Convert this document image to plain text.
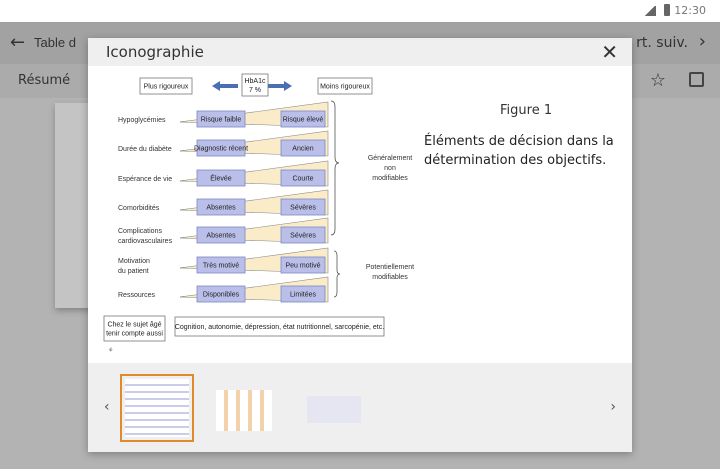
12:30
← Table d	rt. suiv. ›
Résumé	☆
Iconographie	✕
Plus rigoureux
HbA1c
7 %	Moins rigoureux
Hypoglycémies	Risque faible	Risque élevé
Durée du diabète	Diagnostic récent	Ancien
Espérance de vie	Élevée	Courte
Comorbidités	Absentes	Sévères
Complications
cardiovasculaires
Absentes	Sévères
Motivation
du patient
Très motivé	Peu motivé
Ressources	Disponibles	Limitées
Généralement
non
modifiables
Potentiellement
modifiables
Chez le sujet âgé
tenir compte aussi
Cognition, autonomie, dépression, état nutritionnel, sarcopénie, etc.
⚘
Figure 1
Éléments de décision dans la détermination des objectifs.
‹	›
